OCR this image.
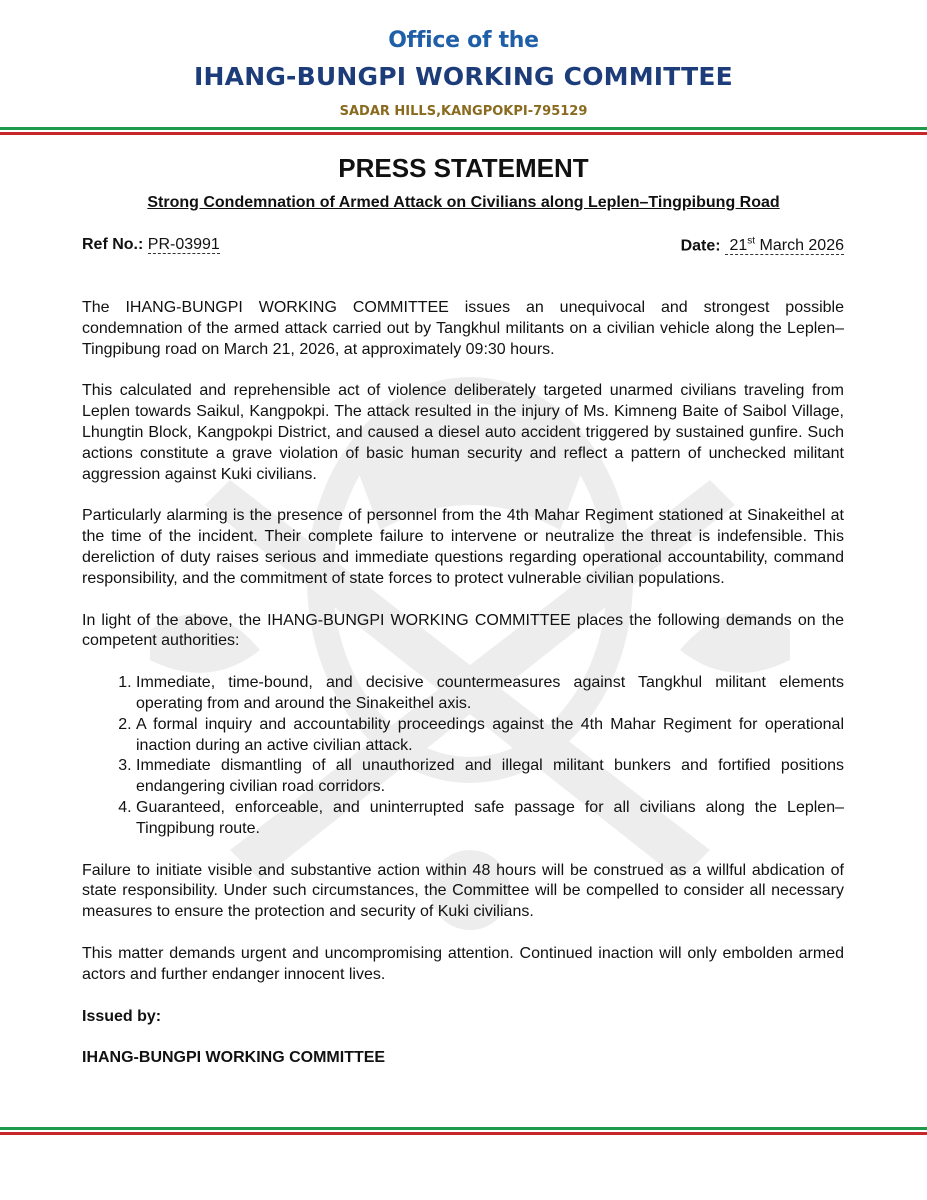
Office of the
IHANG-BUNGPI WORKING COMMITTEE
SADAR HILLS,KANGPOKPI-795129
PRESS STATEMENT
Strong Condemnation of Armed Attack on Civilians along Leplen–Tingpibung Road
Ref No.: PR-03991	Date: 21st March 2026

The IHANG-BUNGPI WORKING COMMITTEE issues an unequivocal and strongest possible condemnation of the armed attack carried out by Tangkhul militants on a civilian vehicle along the Leplen–Tingpibung road on March 21, 2026, at approximately 09:30 hours.

This calculated and reprehensible act of violence deliberately targeted unarmed civilians traveling from Leplen towards Saikul, Kangpokpi. The attack resulted in the injury of Ms. Kimneng Baite of Saibol Village, Lhungtin Block, Kangpokpi District, and caused a diesel auto accident triggered by sustained gunfire. Such actions constitute a grave violation of basic human security and reflect a pattern of unchecked militant aggression against Kuki civilians.

Particularly alarming is the presence of personnel from the 4th Mahar Regiment stationed at Sinakeithel at the time of the incident. Their complete failure to intervene or neutralize the threat is indefensible. This dereliction of duty raises serious and immediate questions regarding operational accountability, command responsibility, and the commitment of state forces to protect vulnerable civilian populations.

In light of the above, the IHANG-BUNGPI WORKING COMMITTEE places the following demands on the competent authorities:

1. Immediate, time-bound, and decisive countermeasures against Tangkhul militant elements operating from and around the Sinakeithel axis.
2. A formal inquiry and accountability proceedings against the 4th Mahar Regiment for operational inaction during an active civilian attack.
3. Immediate dismantling of all unauthorized and illegal militant bunkers and fortified positions endangering civilian road corridors.
4. Guaranteed, enforceable, and uninterrupted safe passage for all civilians along the Leplen–Tingpibung route.

Failure to initiate visible and substantive action within 48 hours will be construed as a willful abdication of state responsibility. Under such circumstances, the Committee will be compelled to consider all necessary measures to ensure the protection and security of Kuki civilians.

This matter demands urgent and uncompromising attention. Continued inaction will only embolden armed actors and further endanger innocent lives.

Issued by:

IHANG-BUNGPI WORKING COMMITTEE
